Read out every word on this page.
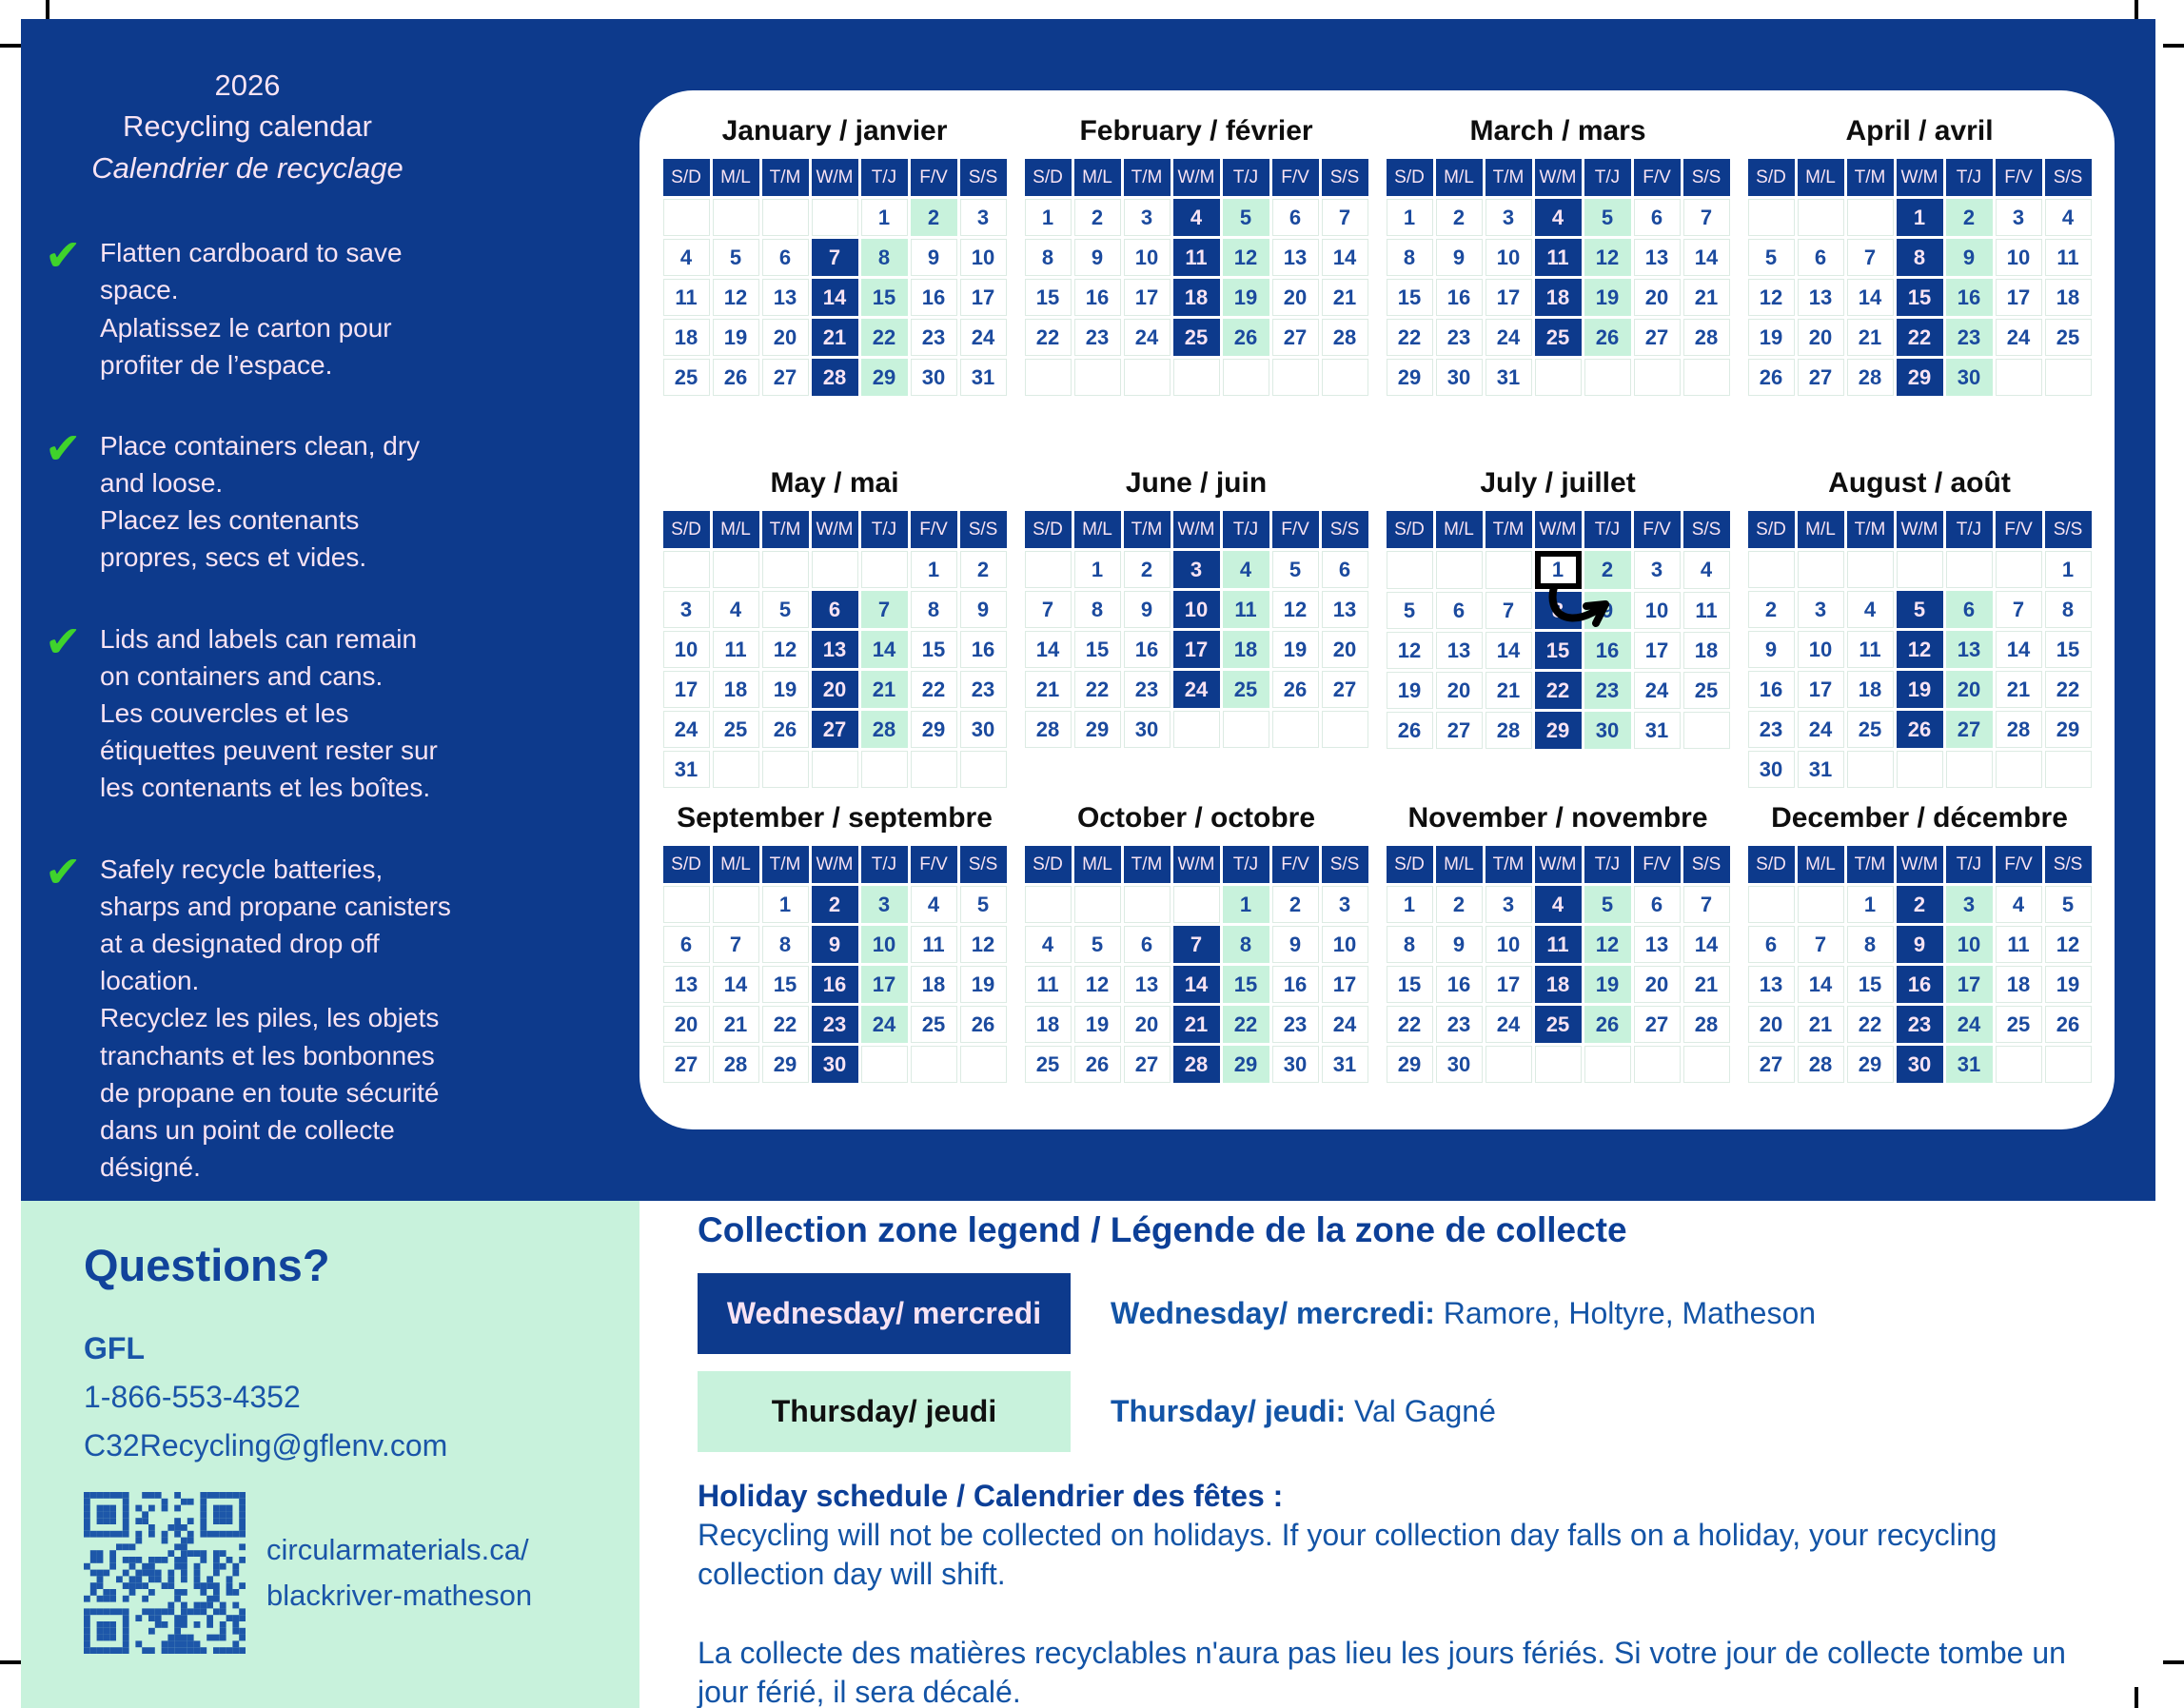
2026
Recycling calendar
Calendrier de recyclage
✔ Flatten cardboard to save space.
Aplatissez le carton pour profiter de l’espace.
✔ Place containers clean, dry and loose.
Placez les contenants propres, secs et vides.
✔ Lids and labels can remain on containers and cans.
Les couvercles et les étiquettes peuvent rester sur les contenants et les boîtes.
✔ Safely recycle batteries, sharps and propane canisters at a designated drop off location.
Recyclez les piles, les objets tranchants et les bonbonnes de propane en toute sécurité dans un point de collecte désigné.
January / janvier
S/D	M/L	T/M	W/M	T/J	F/V	S/S
				1	2	3
4	5	6	7	8	9	10
11	12	13	14	15	16	17
18	19	20	21	22	23	24
25	26	27	28	29	30	31
February / février
S/D	M/L	T/M	W/M	T/J	F/V	S/S
1	2	3	4	5	6	7
8	9	10	11	12	13	14
15	16	17	18	19	20	21
22	23	24	25	26	27	28

March / mars
S/D	M/L	T/M	W/M	T/J	F/V	S/S
1	2	3	4	5	6	7
8	9	10	11	12	13	14
15	16	17	18	19	20	21
22	23	24	25	26	27	28
29	30	31				
April / avril
S/D	M/L	T/M	W/M	T/J	F/V	S/S
			1	2	3	4
5	6	7	8	9	10	11
12	13	14	15	16	17	18
19	20	21	22	23	24	25
26	27	28	29	30		
May / mai
S/D	M/L	T/M	W/M	T/J	F/V	S/S
					1	2
3	4	5	6	7	8	9
10	11	12	13	14	15	16
17	18	19	20	21	22	23
24	25	26	27	28	29	30
31						
June / juin
S/D	M/L	T/M	W/M	T/J	F/V	S/S
	1	2	3	4	5	6
7	8	9	10	11	12	13
14	15	16	17	18	19	20
21	22	23	24	25	26	27
28	29	30				
July / juillet
S/D	M/L	T/M	W/M	T/J	F/V	S/S
			1	2	3	4
5	6	7	8	9	10	11
12	13	14	15	16	17	18
19	20	21	22	23	24	25
26	27	28	29	30	31	
August / août
S/D	M/L	T/M	W/M	T/J	F/V	S/S
						1
2	3	4	5	6	7	8
9	10	11	12	13	14	15
16	17	18	19	20	21	22
23	24	25	26	27	28	29
30	31					
September / septembre
S/D	M/L	T/M	W/M	T/J	F/V	S/S
		1	2	3	4	5
6	7	8	9	10	11	12
13	14	15	16	17	18	19
20	21	22	23	24	25	26
27	28	29	30			
October / octobre
S/D	M/L	T/M	W/M	T/J	F/V	S/S
				1	2	3
4	5	6	7	8	9	10
11	12	13	14	15	16	17
18	19	20	21	22	23	24
25	26	27	28	29	30	31
November / novembre
S/D	M/L	T/M	W/M	T/J	F/V	S/S
1	2	3	4	5	6	7
8	9	10	11	12	13	14
15	16	17	18	19	20	21
22	23	24	25	26	27	28
29	30					
December / décembre
S/D	M/L	T/M	W/M	T/J	F/V	S/S
		1	2	3	4	5
6	7	8	9	10	11	12
13	14	15	16	17	18	19
20	21	22	23	24	25	26
27	28	29	30	31		
Questions?
GFL
1-866-553-4352
C32Recycling@gflenv.com
circularmaterials.ca/
blackriver-matheson
Collection zone legend / Légende de la zone de collecte
Wednesday/ mercredi	Wednesday/ mercredi: Ramore, Holtyre, Matheson
Thursday/ jeudi	Thursday/ jeudi: Val Gagné
Holiday schedule / Calendrier des fêtes :
Recycling will not be collected on holidays. If your collection day falls on a holiday, your recycling collection day will shift.
La collecte des matières recyclables n'aura pas lieu les jours fériés. Si votre jour de collecte tombe un jour férié, il sera décalé.
